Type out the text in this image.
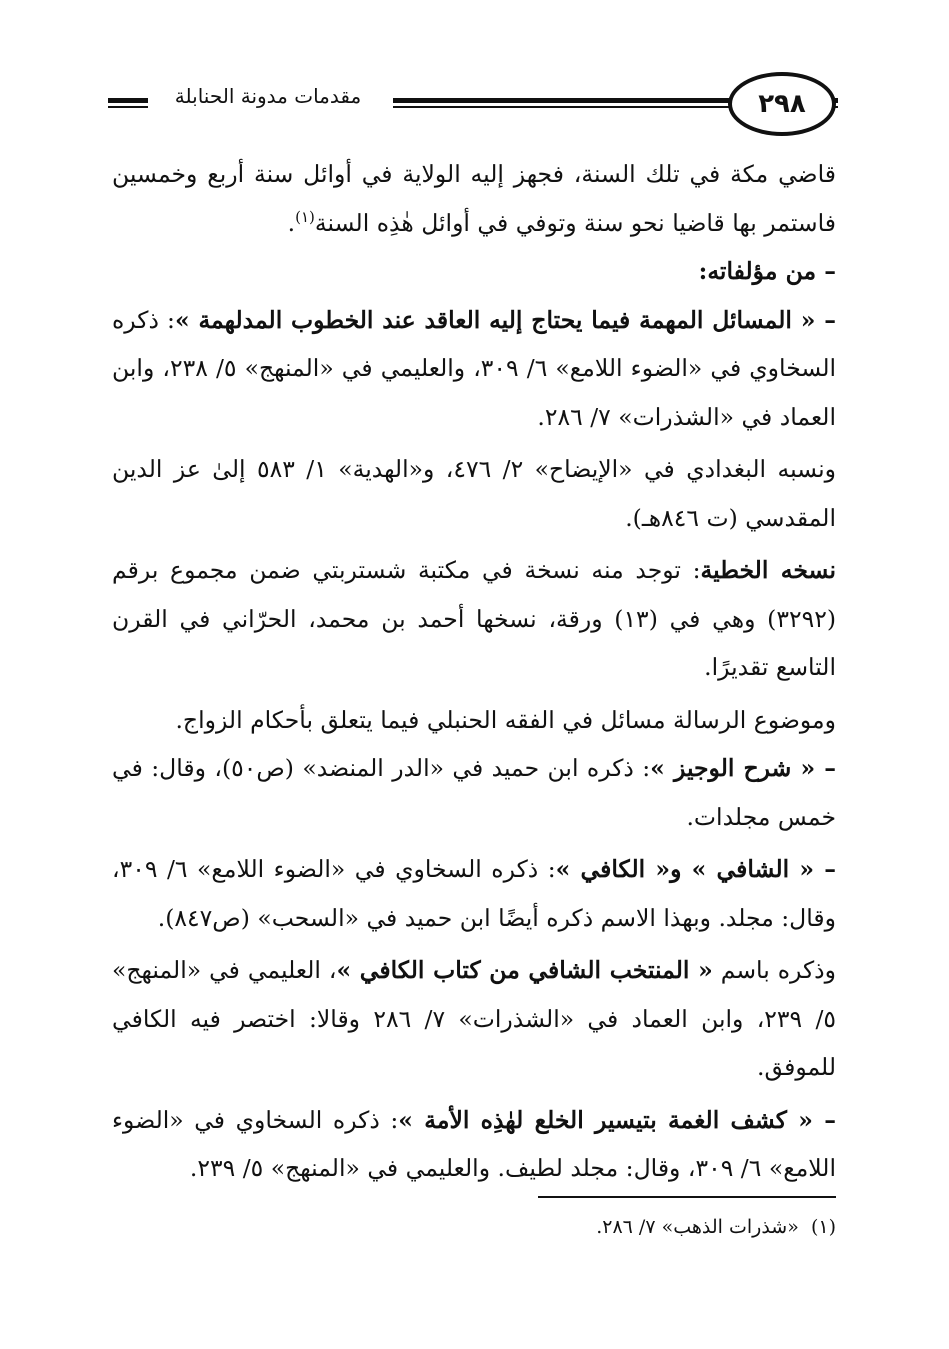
مقدمات مدونة الحنابلة	٢٩٨

قاضي مكة في تلك السنة، فجهز إليه الولاية في أوائل سنة أربع وخمسين فاستمر بها قاضيا نحو سنة وتوفي في أوائل هٰذِه السنة$^{(١)}$.

– من مؤلفاته:

– « المسائل المهمة فيما يحتاج إليه العاقد عند الخطوب المدلهمة »: ذكره السخاوي في «الضوء اللامع» ٦/ ٣٠٩، والعليمي في «المنهج» ٥/ ٢٣٨، وابن العماد في «الشذرات» ٧/ ٢٨٦.

ونسبه البغدادي في «الإيضاح» ٢/ ٤٧٦، و«الهدية» ١/ ٥٨٣ إلىٰ عز الدين المقدسي (ت ٨٤٦هـ).

نسخه الخطية: توجد منه نسخة في مكتبة شستربتي ضمن مجموع برقم (٣٢٩٢) وهي في (١٣) ورقة، نسخها أحمد بن محمد، الحرّاني في القرن التاسع تقديرًا.

وموضوع الرسالة مسائل في الفقه الحنبلي فيما يتعلق بأحكام الزواج.

– « شرح الوجيز »: ذكره ابن حميد في «الدر المنضد» (ص٥٠)، وقال: في خمس مجلدات.

– « الشافي » و« الكافي »: ذكره السخاوي في «الضوء اللامع» ٦/ ٣٠٩، وقال: مجلد. وبهذا الاسم ذكره أيضًا ابن حميد في «السحب» (ص٨٤٧).

وذكره باسم « المنتخب الشافي من كتاب الكافي »، العليمي في «المنهج» ٥/ ٢٣٩، وابن العماد في «الشذرات» ٧/ ٢٨٦ وقالا: اختصر فيه الكافي للموفق.

– « كشف الغمة بتيسير الخلع لهٰذِه الأمة »: ذكره السخاوي في «الضوء اللامع» ٦/ ٣٠٩، وقال: مجلد لطيف. والعليمي في «المنهج» ٥/ ٢٣٩.

(١)  «شذرات الذهب» ٧/ ٢٨٦.
